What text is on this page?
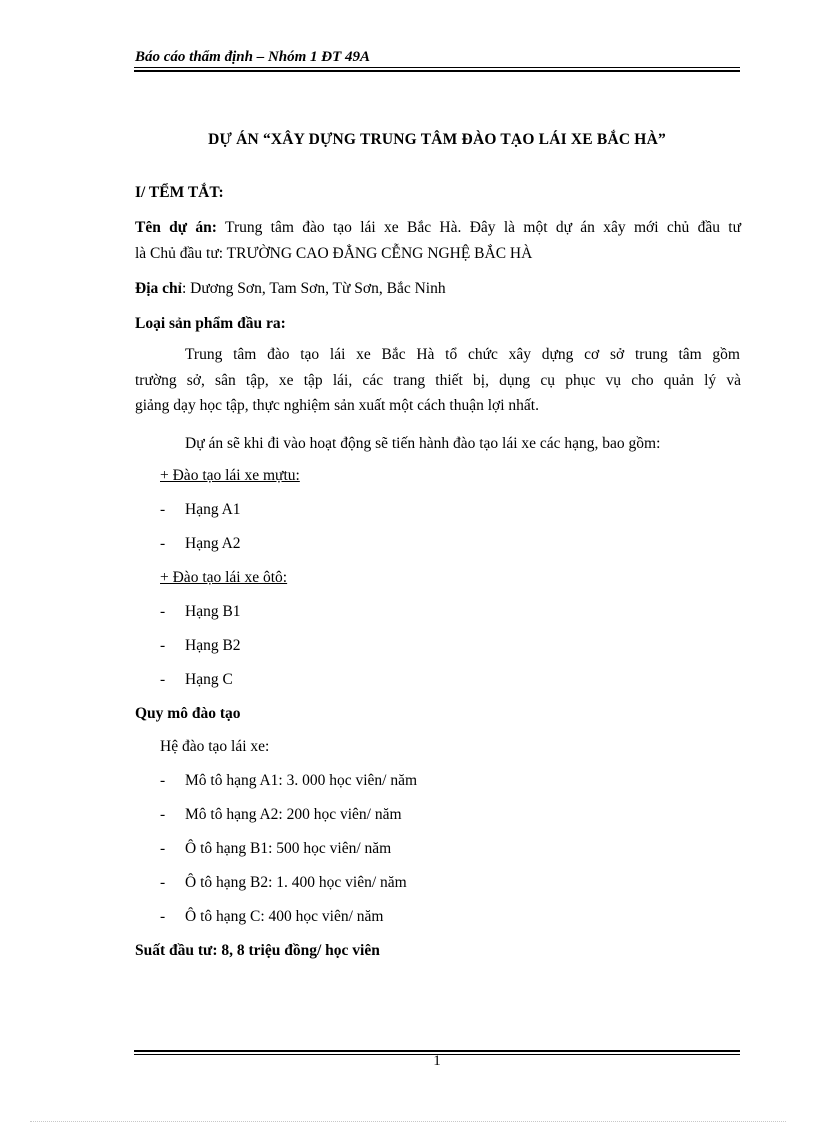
Báo cáo thẩm định – Nhóm 1 ĐT 49A
DỰ ÁN “XÂY DỰNG TRUNG TÂM ĐÀO TẠO LÁI XE BẮC HÀ”
I/ TỂM TẮT:
Tên dự án: Trung tâm đào tạo lái xe Bắc Hà. Đây là một dự án xây mới chủ đầu tư
là Chủ đầu tư: TRƯỜNG CAO ĐẲNG CỄNG NGHỆ BẮC HÀ
Địa chỉ: Dương Sơn, Tam Sơn, Từ Sơn, Bắc Ninh
Loại sản phẩm đầu ra:
Trung tâm đào tạo lái xe Bắc Hà tổ chức xây dựng cơ sở trung tâm gồm
trường sở, sân tập, xe tập lái, các trang thiết bị, dụng cụ phục vụ cho quản lý và
giảng dạy học tập, thực nghiệm sản xuất một cách thuận lợi nhất.
Dự án sẽ khi đi vào hoạt động sẽ tiến hành đào tạo lái xe các hạng, bao gồm:
+ Đào tạo lái xe mựtu:
- Hạng A1
- Hạng A2
+ Đào tạo lái xe ôtô:
- Hạng B1
- Hạng B2
- Hạng C
Quy mô đào tạo
Hệ đào tạo lái xe:
- Mô tô hạng A1: 3. 000 học viên/ năm
- Mô tô hạng A2: 200 học viên/ năm
- Ô tô hạng B1: 500 học viên/ năm
- Ô tô hạng B2: 1. 400 học viên/ năm
- Ô tô hạng C: 400 học viên/ năm
Suất đầu tư: 8, 8 triệu đồng/ học viên
1
